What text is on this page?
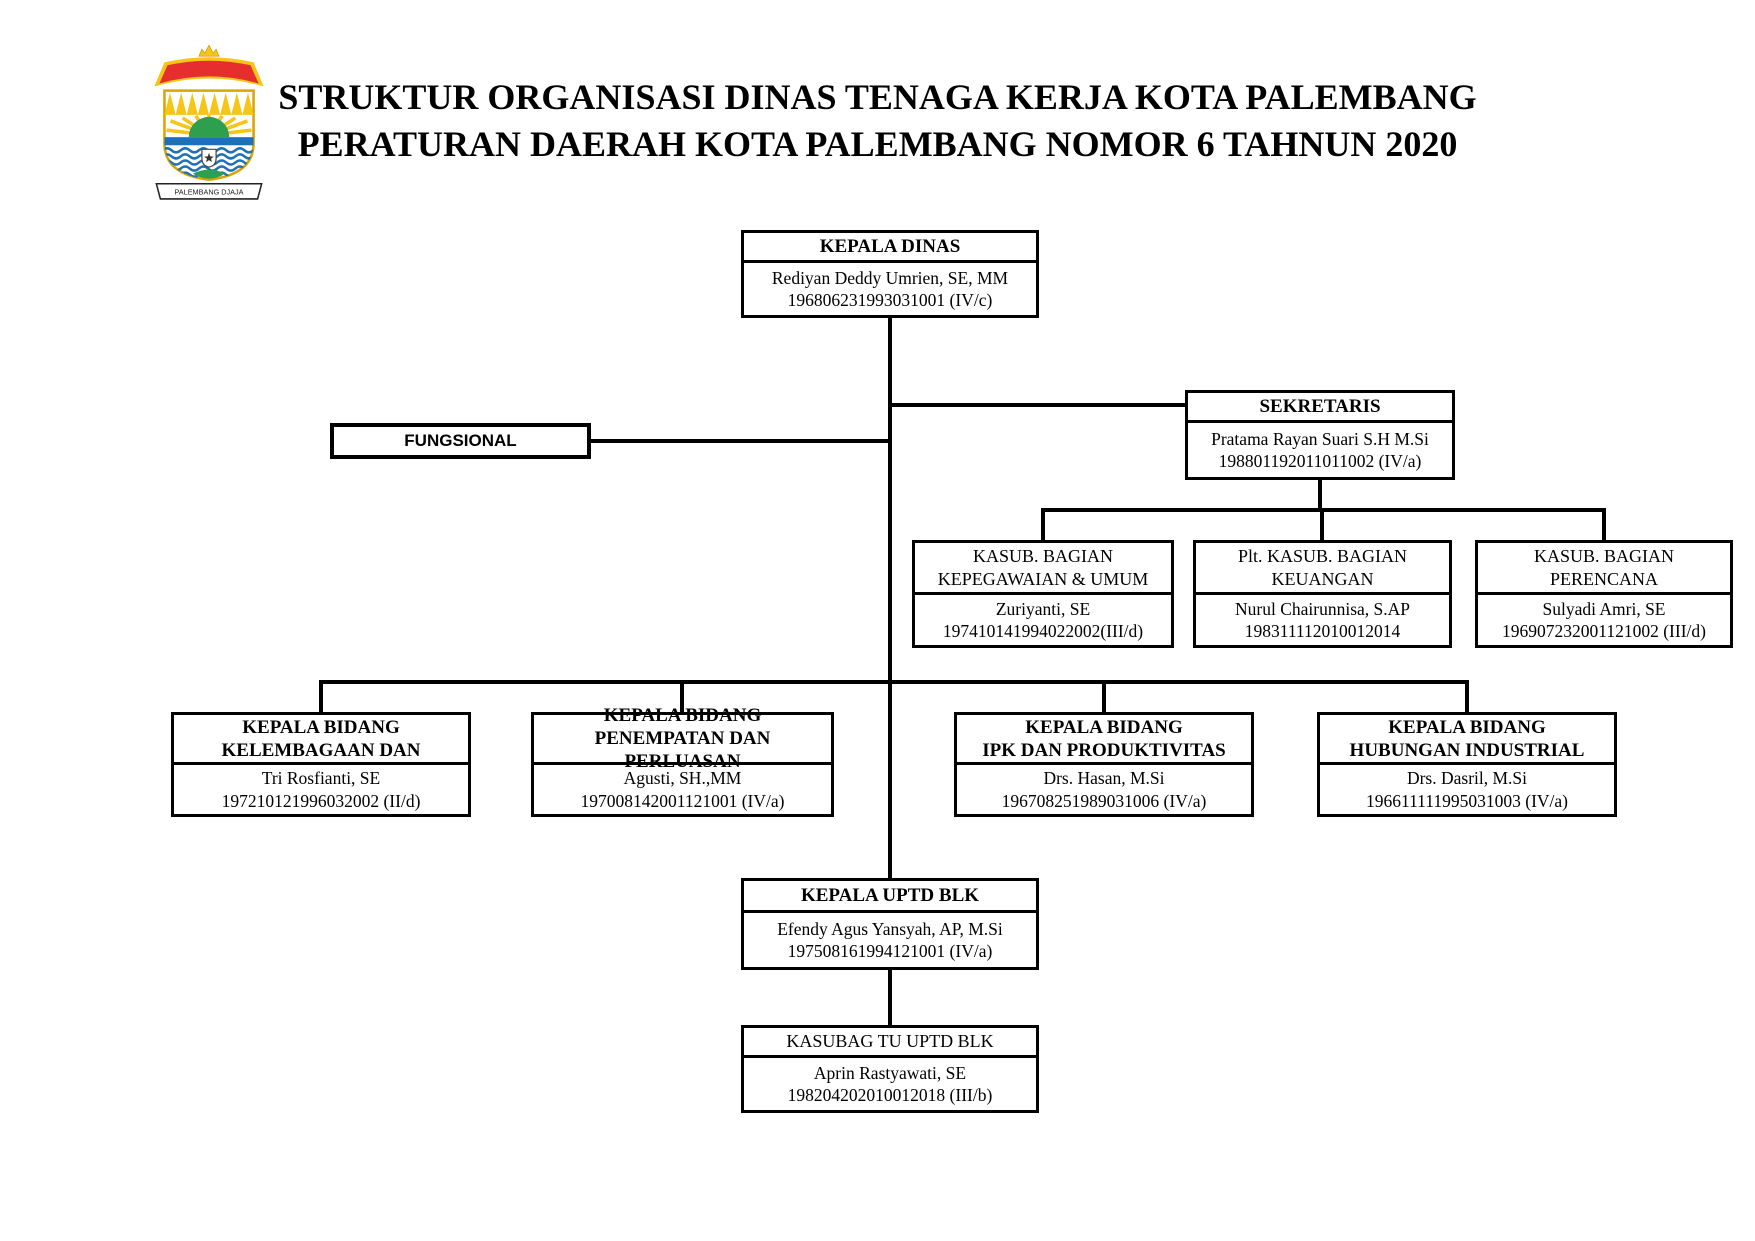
PALEMBANG DJAJA
STRUKTUR ORGANISASI DINAS TENAGA KERJA KOTA PALEMBANG
PERATURAN DAERAH KOTA PALEMBANG NOMOR 6 TAHNUN 2020
KEPALA DINAS
Rediyan Deddy Umrien, SE, MM
196806231993031001 (IV/c)
FUNGSIONAL
SEKRETARIS
Pratama Rayan Suari S.H M.Si
198801192011011002 (IV/a)
KASUB. BAGIAN
KEPEGAWAIAN & UMUM
Zuriyanti, SE
197410141994022002(III/d)
Plt. KASUB. BAGIAN
KEUANGAN
Nurul Chairunnisa, S.AP
198311112010012014
KASUB. BAGIAN
PERENCANA
Sulyadi Amri, SE
196907232001121002 (III/d)
KEPALA BIDANG
KELEMBAGAAN DAN
Tri Rosfianti, SE
197210121996032002 (II/d)
KEPALA BIDANG
PENEMPATAN DAN PERLUASAN
Agusti, SH.,MM
197008142001121001 (IV/a)
KEPALA BIDANG
IPK DAN PRODUKTIVITAS
Drs. Hasan, M.Si
196708251989031006 (IV/a)
KEPALA BIDANG
HUBUNGAN INDUSTRIAL
Drs. Dasril, M.Si
196611111995031003 (IV/a)
KEPALA UPTD BLK
Efendy Agus Yansyah, AP, M.Si
197508161994121001 (IV/a)
KASUBAG TU UPTD BLK
Aprin Rastyawati, SE
198204202010012018 (III/b)
